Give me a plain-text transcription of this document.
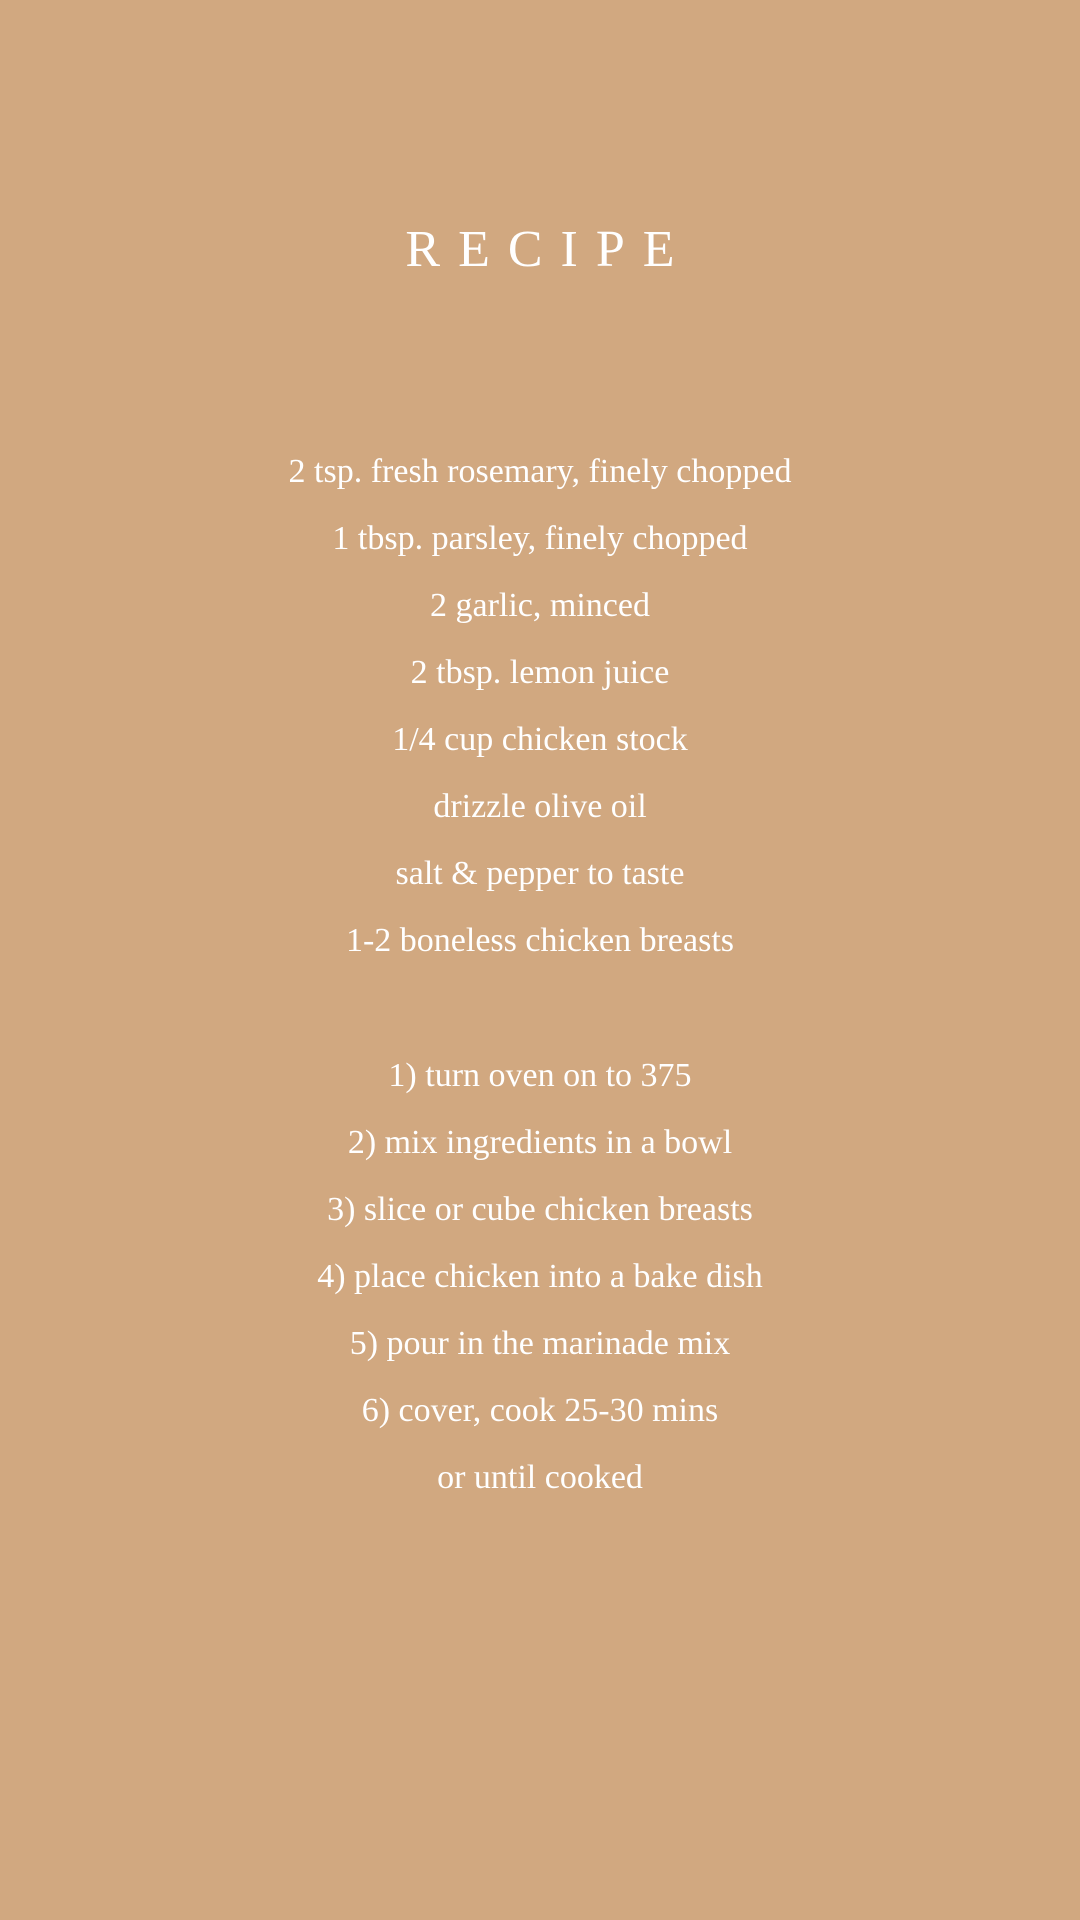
RECIPE
2 tsp. fresh rosemary, finely chopped
1 tbsp. parsley, finely chopped
2 garlic, minced
2 tbsp. lemon juice
1/4 cup chicken stock
drizzle olive oil
salt & pepper to taste
1-2 boneless chicken breasts
1) turn oven on to 375
2) mix ingredients in a bowl
3) slice or cube chicken breasts
4) place chicken into a bake dish
5) pour in the marinade mix
6) cover, cook 25-30 mins
or until cooked
